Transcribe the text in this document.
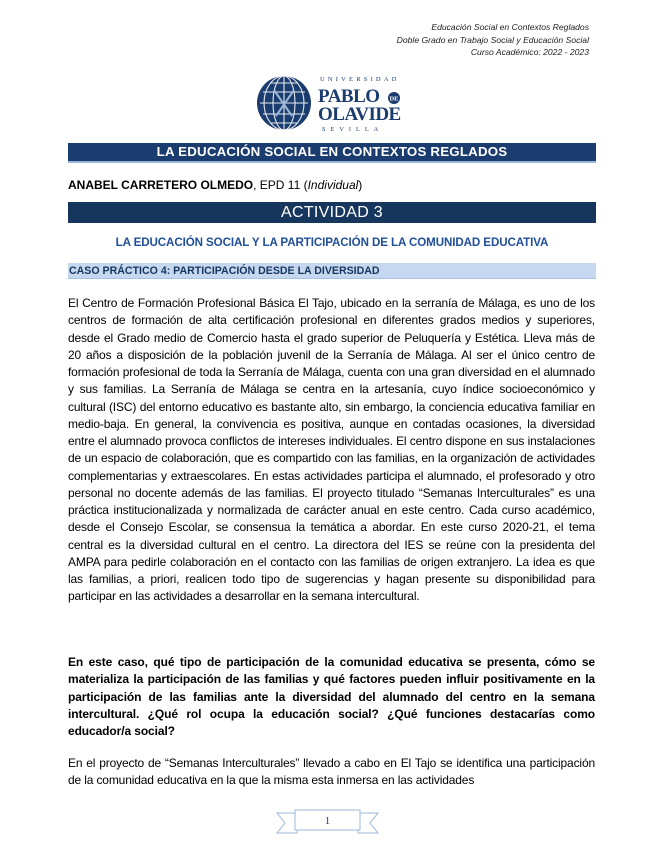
Educación Social en Contextos Reglados
Doble Grado en Trabajo Social y Educación Social
Curso Académico: 2022 - 2023
UNIVERSIDAD
PABLO DE
OLAVIDE
SEVILLA
LA EDUCACIÓN SOCIAL EN CONTEXTOS REGLADOS
ANABEL CARRETERO OLMEDO, EPD 11 (Individual)
ACTIVIDAD 3
LA EDUCACIÓN SOCIAL Y LA PARTICIPACIÓN DE LA COMUNIDAD EDUCATIVA
CASO PRÁCTICO 4: PARTICIPACIÓN DESDE LA DIVERSIDAD
El Centro de Formación Profesional Básica El Tajo, ubicado en la serranía de Málaga, es uno de los centros de formación de alta certificación profesional en diferentes grados medios y superiores, desde el Grado medio de Comercio hasta el grado superior de Peluquería y Estética. Lleva más de 20 años a disposición de la población juvenil de la Serranía de Málaga. Al ser el único centro de formación profesional de toda la Serranía de Málaga, cuenta con una gran diversidad en el alumnado y sus familias. La Serranía de Málaga se centra en la artesanía, cuyo índice socioeconómico y cultural (ISC) del entorno educativo es bastante alto, sin embargo, la conciencia educativa familiar en medio-baja. En general, la convivencia es positiva, aunque en contadas ocasiones, la diversidad entre el alumnado provoca conflictos de intereses individuales. El centro dispone en sus instalaciones de un espacio de colaboración, que es compartido con las familias, en la organización de actividades complementarias y extraescolares. En estas actividades participa el alumnado, el profesorado y otro personal no docente además de las familias. El proyecto titulado “Semanas Interculturales” es una práctica institucionalizada y normalizada de carácter anual en este centro. Cada curso académico, desde el Consejo Escolar, se consensua la temática a abordar. En este curso 2020-21, el tema central es la diversidad cultural en el centro. La directora del IES se reúne con la presidenta del AMPA para pedirle colaboración en el contacto con las familias de origen extranjero. La idea es que las familias, a priori, realicen todo tipo de sugerencias y hagan presente su disponibilidad para participar en las actividades a desarrollar en la semana intercultural.
En este caso, qué tipo de participación de la comunidad educativa se presenta, cómo se materializa la participación de las familias y qué factores pueden influir positivamente en la participación de las familias ante la diversidad del alumnado del centro en la semana intercultural. ¿Qué rol ocupa la educación social? ¿Qué funciones destacarías como educador/a social?
En el proyecto de “Semanas Interculturales” llevado a cabo en El Tajo se identifica una participación de la comunidad educativa en la que la misma esta inmersa en las actividades
1
